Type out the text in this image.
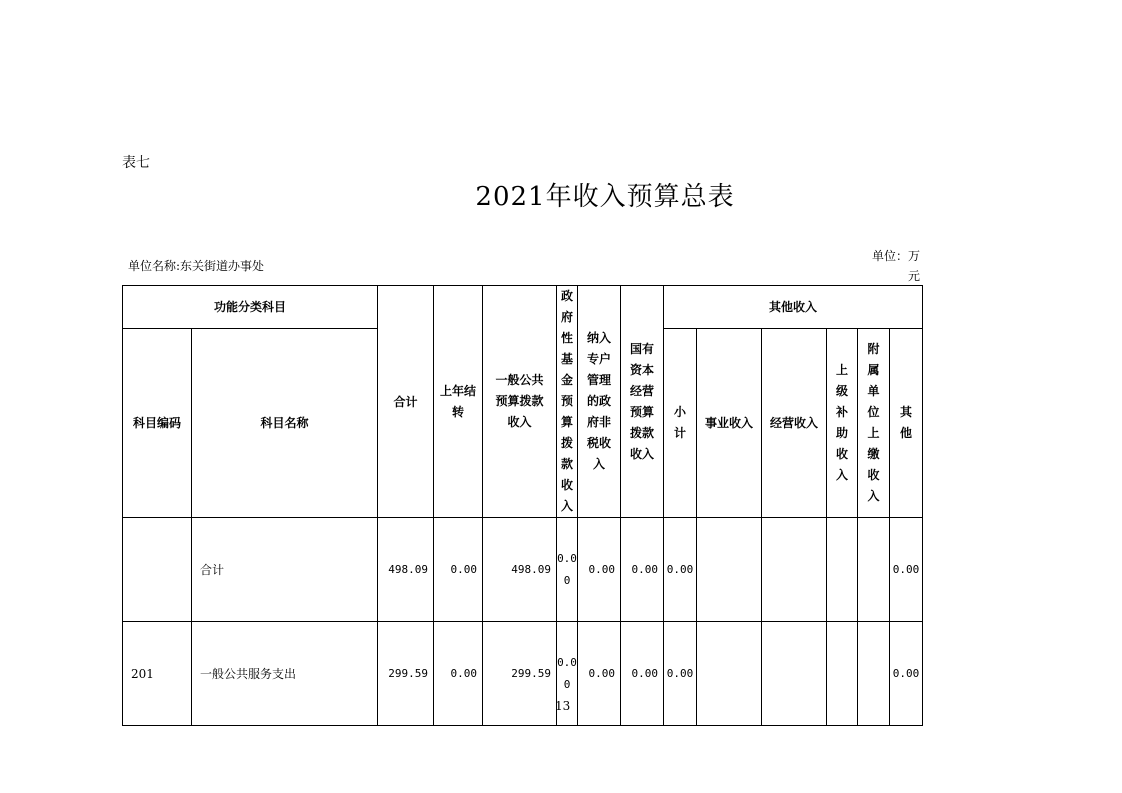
表七
2021年收入预算总表
单位名称:东关街道办事处
单位：万元
功能分类科目		合计	上年结转	一般公共预算拨款收入	政府性基金预算拨款收入	纳入专户管理的政府非税收入	国有资本经营预算拨款收入	其他收入					
科目编码	科目名称							小计	事业收入	经营收入	上级补助收入	附属单位上缴收入	其他
	合计	498.09	0.00	498.09	0.00	0.00	0.00	0.00					0.00
201	一般公共服务支出	299.59	0.00	299.59	0.00	0.00	0.00	0.00					0.00
13
